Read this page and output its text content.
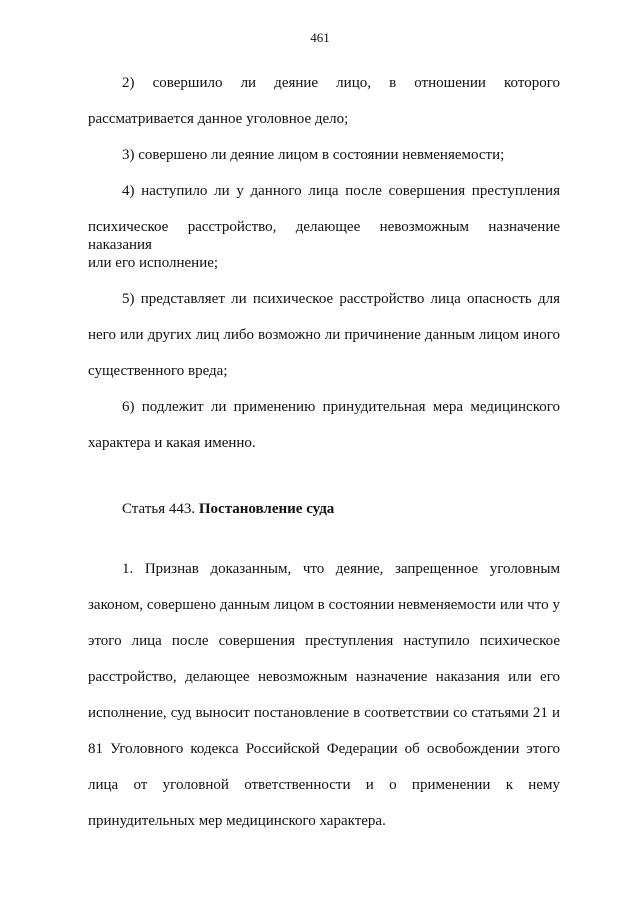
461
2) совершило ли деяние лицо, в отношении которого
рассматривается данное уголовное дело;
3) совершено ли деяние лицом в состоянии невменяемости;
4) наступило ли у данного лица после совершения преступления
психическое расстройство, делающее невозможным назначение наказания
или его исполнение;
5) представляет ли психическое расстройство лица опасность для
него или других лиц либо возможно ли причинение данным лицом иного
существенного вреда;
6) подлежит ли применению принудительная мера медицинского
характера и какая именно.
Статья 443. Постановление суда
1. Признав доказанным, что деяние, запрещенное уголовным
законом, совершено данным лицом в состоянии невменяемости или что у
этого лица после совершения преступления наступило психическое
расстройство, делающее невозможным назначение наказания или его
исполнение, суд выносит постановление в соответствии со статьями 21 и
81 Уголовного кодекса Российской Федерации об освобождении этого
лица от уголовной ответственности и о применении к нему
принудительных мер медицинского характера.
